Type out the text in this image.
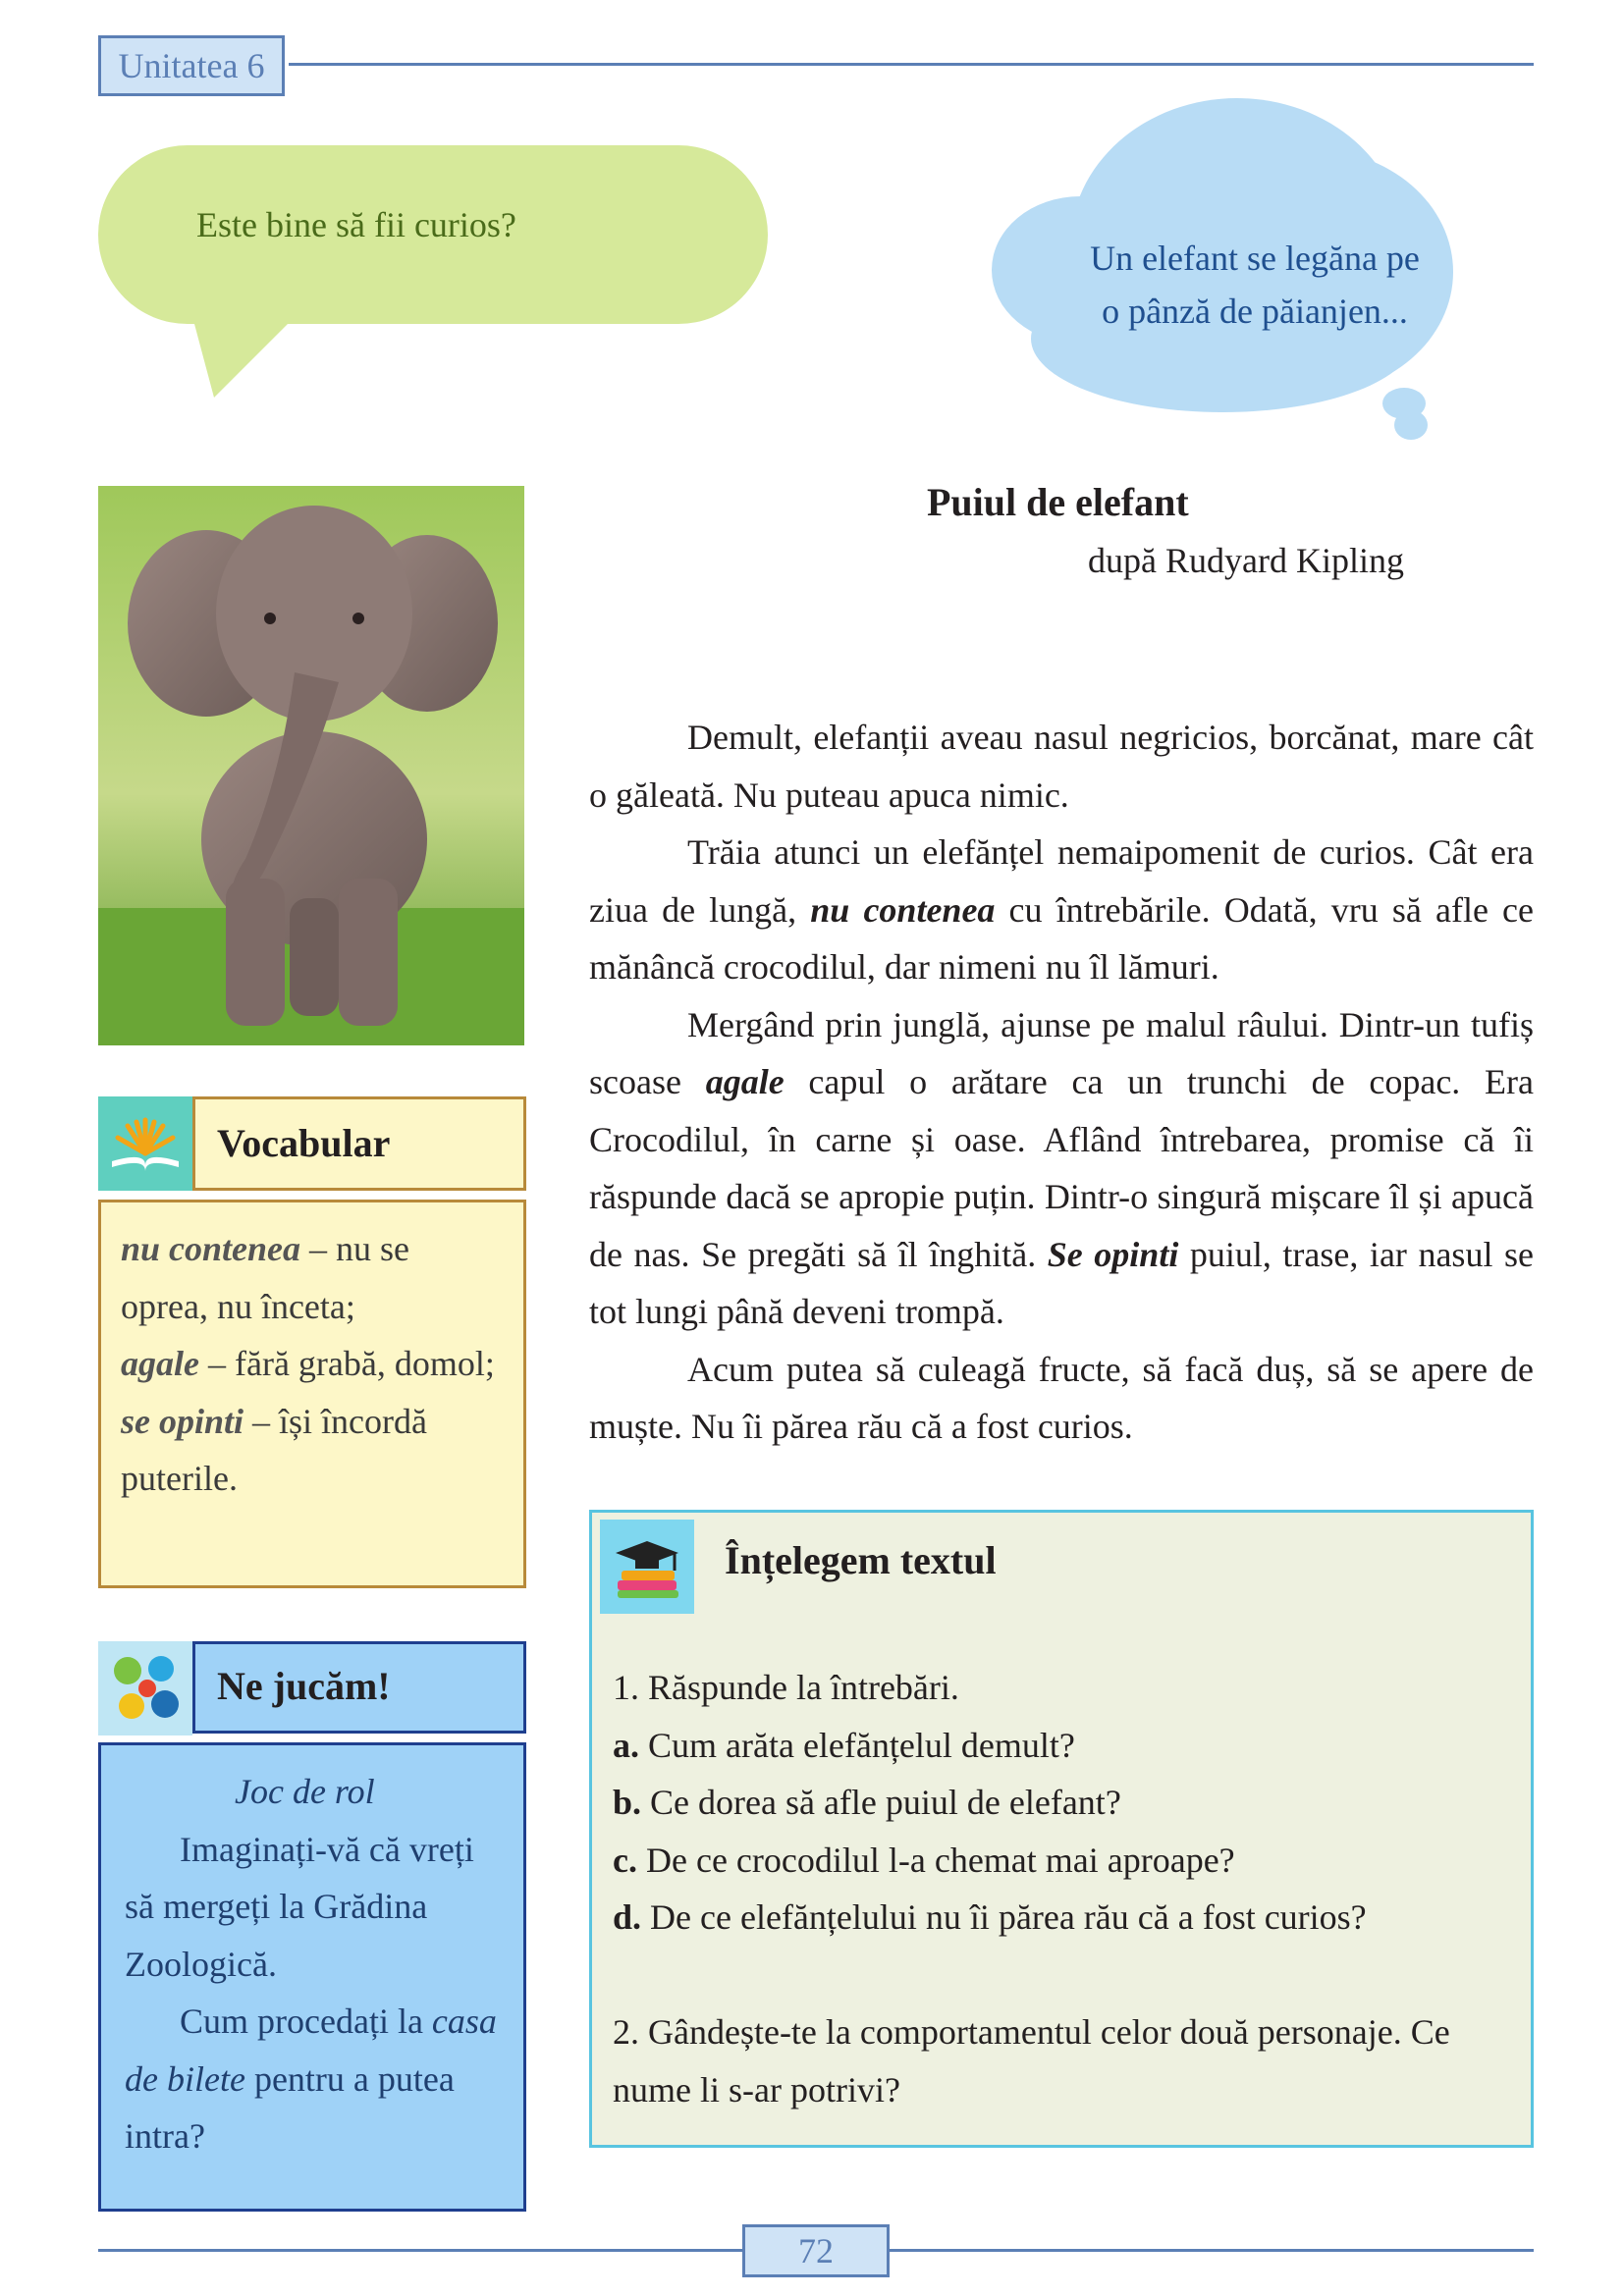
Unitatea 6
Este bine să fii curios?
Un elefant se legăna pe
o pânză de păianjen...
Puiul de elefant
după Rudyard Kipling

Demult, elefanții aveau nasul negricios, borcănat, mare cât o găleată. Nu puteau apuca nimic.

Trăia atunci un elefănțel nemaipomenit de curios. Cât era ziua de lungă, nu contenea cu întrebările. Odată, vru să afle ce mănâncă crocodilul, dar nimeni nu îl lămuri.

Mergând prin junglă, ajunse pe malul râului. Dintr-un tufiș scoase agale capul o arătare ca un trunchi de copac. Era Crocodilul, în carne și oase. Aflând întrebarea, promise că îi răspunde dacă se apropie puțin. Dintr-o singură mișcare îl și apucă de nas. Se pregăti să îl înghită. Se opinti puiul, trase, iar nasul se tot lungi până deveni trompă.

Acum putea să culeagă fructe, să facă duș, să se apere de muște. Nu îi părea rău că a fost curios.

Vocabular
nu contenea – nu se oprea, nu înceta;
agale – fără grabă, domol;
se opinti – își încordă puterile.
Ne jucăm!

Joc de rol

Imaginați-vă că vreți să mergeți la Grădina Zoologică.

Cum procedați la casa de bilete pentru a putea intra?

Înțelegem textul
1. Răspunde la întrebări.
a. Cum arăta elefănțelul demult?
b. Ce dorea să afle puiul de elefant?
c. De ce crocodilul l-a chemat mai aproape?
d. De ce elefănțelului nu îi părea rău că a fost curios?
2. Gândește-te la comportamentul celor două personaje. Ce
nume li s-ar potrivi?
72
